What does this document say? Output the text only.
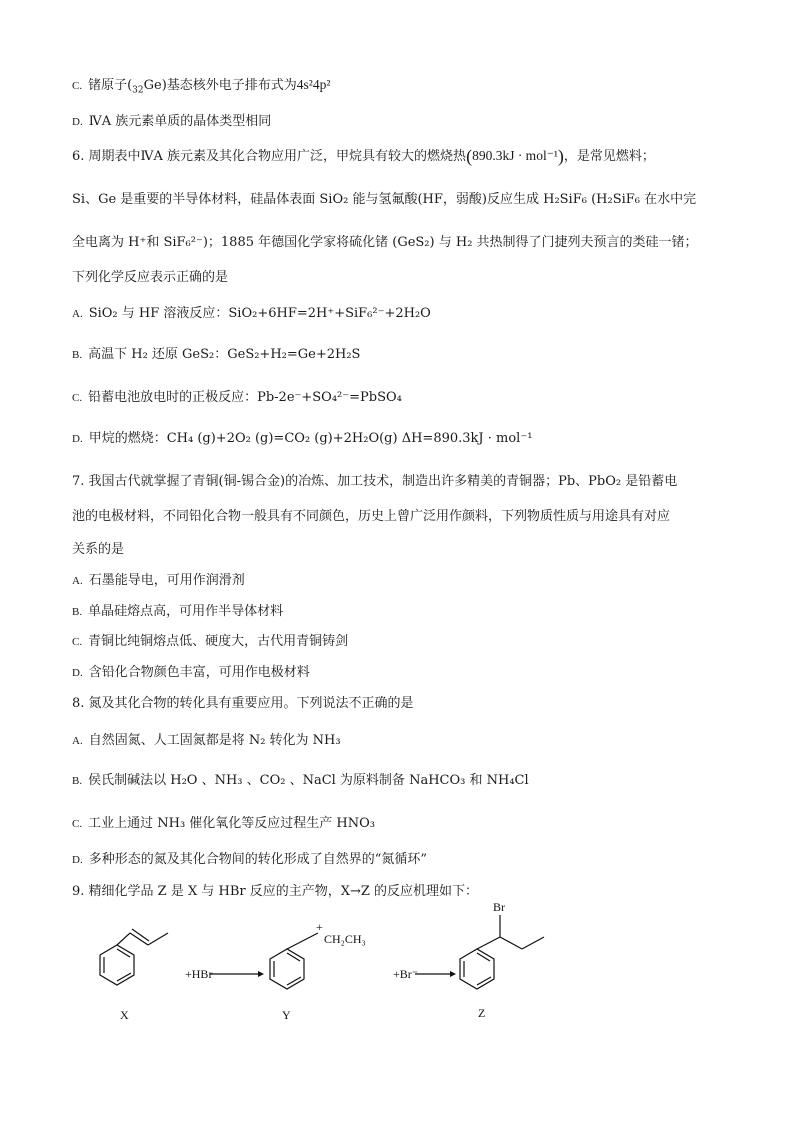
C. 锗原子$(_{32}Ge)$基态核外电子排布式为4s²4p²
D. ⅣA 族元素单质的晶体类型相同
6. 周期表中ⅣA 族元素及其化合物应用广泛，甲烷具有较大的燃烧热(890.3kJ · mol⁻¹)，是常见燃料；
Si、Ge 是重要的半导体材料，硅晶体表面 SiO₂ 能与氢氟酸(HF，弱酸)反应生成 H₂SiF₆ (H₂SiF₆ 在水中完
全电离为 H⁺和 SiF₆²⁻)；1885 年德国化学家将硫化锗 (GeS₂) 与 H₂ 共热制得了门捷列夫预言的类硅一锗；
下列化学反应表示正确的是
A. SiO₂ 与 HF 溶液反应：SiO₂+6HF=2H⁺+SiF₆²⁻+2H₂O
B. 高温下 H₂ 还原 GeS₂：GeS₂+H₂=Ge+2H₂S
C. 铅蓄电池放电时的正极反应：Pb-2e⁻+SO₄²⁻=PbSO₄
D. 甲烷的燃烧：CH₄ (g)+2O₂ (g)=CO₂ (g)+2H₂O(g) ΔH=890.3kJ · mol⁻¹
7. 我国古代就掌握了青铜(铜-锡合金)的冶炼、加工技术，制造出许多精美的青铜器；Pb、PbO₂ 是铅蓄电
池的电极材料，不同铅化合物一般具有不同颜色，历史上曾广泛用作颜料，下列物质性质与用途具有对应
关系的是
A. 石墨能导电，可用作润滑剂
B. 单晶硅熔点高，可用作半导体材料
C. 青铜比纯铜熔点低、硬度大，古代用青铜铸剑
D. 含铅化合物颜色丰富，可用作电极材料
8. 氮及其化合物的转化具有重要应用。下列说法不正确的是
A. 自然固氮、人工固氮都是将 N₂ 转化为 NH₃
B. 侯氏制碱法以 H₂O 、NH₃ 、CO₂ 、NaCl 为原料制备 NaHCO₃ 和 NH₄Cl
C. 工业上通过 NH₃ 催化氧化等反应过程生产 HNO₃
D. 多种形态的氮及其化合物间的转化形成了自然界的“氮循环”
9. 精细化学品 Z 是 X 与 HBr 反应的主产物，X→Z 的反应机理如下：
+HBr	+Br⁻
+
CH₂CH₃
Br
X	Y	Z
